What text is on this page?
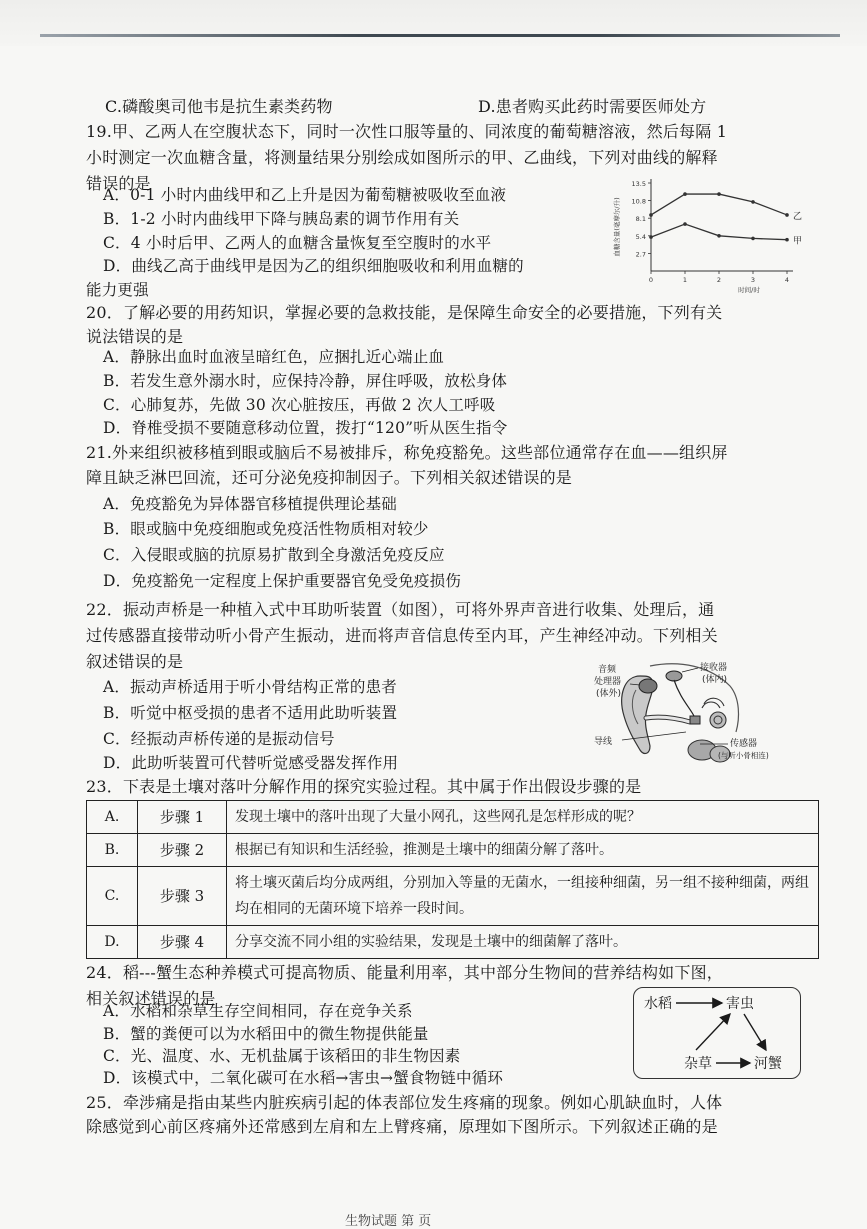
C.磷酸奥司他韦是抗生素类药物	D.患者购买此药时需要医师处方
19.甲、乙两人在空腹状态下，同时一次性口服等量的、同浓度的葡萄糖溶液，然后每隔 1
小时测定一次血糖含量，将测量结果分别绘成如图所示的甲、乙曲线，下列对曲线的解释
错误的是
A．0-1 小时内曲线甲和乙上升是因为葡萄糖被吸收至血液
B．1-2 小时内曲线甲下降与胰岛素的调节作用有关
C．4 小时后甲、乙两人的血糖含量恢复至空腹时的水平
D．曲线乙高于曲线甲是因为乙的组织细胞吸收和利用血糖的
能力更强
13.5
10.8
8.1
5.4
2.7
0	1	2	3	4
乙
甲
时间/时
血糖含量(毫摩尔/升)
20．了解必要的用药知识，掌握必要的急救技能，是保障生命安全的必要措施，下列有关
说法错误的是
A．静脉出血时血液呈暗红色，应捆扎近心端止血
B．若发生意外溺水时，应保持冷静，屏住呼吸，放松身体
C．心肺复苏，先做 30 次心脏按压，再做 2 次人工呼吸
D．脊椎受损不要随意移动位置，拨打“120”听从医生指令
21.外来组织被移植到眼或脑后不易被排斥，称免疫豁免。这些部位通常存在血——组织屏
障且缺乏淋巴回流，还可分泌免疫抑制因子。下列相关叙述错误的是
A．免疫豁免为异体器官移植提供理论基础
B．眼或脑中免疫细胞或免疫活性物质相对较少
C．入侵眼或脑的抗原易扩散到全身激活免疫反应
D．免疫豁免一定程度上保护重要器官免受免疫损伤
22．振动声桥是一种植入式中耳助听装置（如图），可将外界声音进行收集、处理后，通
过传感器直接带动听小骨产生振动，进而将声音信息传至内耳，产生神经冲动。下列相关
叙述错误的是
A．振动声桥适用于听小骨结构正常的患者
B．听觉中枢受损的患者不适用此助听装置
C．经振动声桥传递的是振动信号
D．此助听装置可代替听觉感受器发挥作用
音频
处理器
(体外)
接收器
(体内)
导线	传感器
(与听小骨相连)
23．下表是土壤对落叶分解作用的探究实验过程。其中属于作出假设步骤的是
A.	步骤 1	发现土壤中的落叶出现了大量小网孔，这些网孔是怎样形成的呢？
B.	步骤 2	根据已有知识和生活经验，推测是土壤中的细菌分解了落叶。
C.	步骤 3	将土壤灭菌后均分成两组，分别加入等量的无菌水，一组接种细菌，另一组不接种细菌，两组均在相同的无菌环境下培养一段时间。
D.	步骤 4	分享交流不同小组的实验结果，发现是土壤中的细菌解了落叶。
24．稻---蟹生态种养模式可提高物质、能量利用率，其中部分生物间的营养结构如下图，
相关叙述错误的是
A．水稻和杂草生存空间相同，存在竞争关系
B．蟹的粪便可以为水稻田中的微生物提供能量
C．光、温度、水、无机盐属于该稻田的非生物因素
D．该模式中，二氧化碳可在水稻→害虫→蟹食物链中循环
水稻	害虫
杂草	河蟹
25．牵涉痛是指由某些内脏疾病引起的体表部位发生疼痛的现象。例如心肌缺血时，人体
除感觉到心前区疼痛外还常感到左肩和左上臂疼痛，原理如下图所示。下列叙述正确的是
生物试题 第 页
